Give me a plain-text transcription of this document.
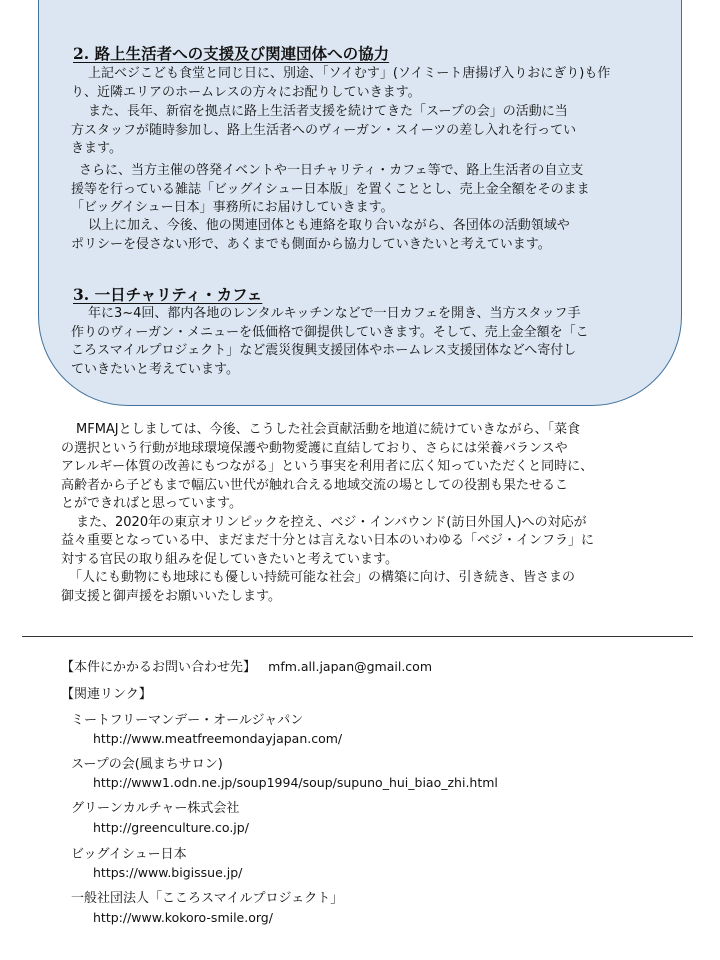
2. 路上生活者への支援及び関連団体への協力
上記ベジこども食堂と同じ日に、別途、「ソイむす」(ソイミート唐揚げ入りおにぎり)も作
り、近隣エリアのホームレスの方々にお配りしていきます。
また、長年、新宿を拠点に路上生活者支援を続けてきた「スープの会」の活動に当
方スタッフが随時参加し、路上生活者へのヴィーガン・スイーツの差し入れを行ってい
きます。
さらに、当方主催の啓発イベントや一日チャリティ・カフェ等で、路上生活者の自立支
援等を行っている雑誌「ビッグイシュー日本版」を置くこととし、売上金全額をそのまま
「ビッグイシュー日本」事務所にお届けしていきます。
以上に加え、今後、他の関連団体とも連絡を取り合いながら、各団体の活動領域や
ポリシーを侵さない形で、あくまでも側面から協力していきたいと考えています。
3. 一日チャリティ・カフェ
年に3~4回、都内各地のレンタルキッチンなどで一日カフェを開き、当方スタッフ手
作りのヴィーガン・メニューを低価格で御提供していきます。そして、売上金全額を「こ
ころスマイルプロジェクト」など震災復興支援団体やホームレス支援団体などへ寄付し
ていきたいと考えています。
MFMAJとしましては、今後、こうした社会貢献活動を地道に続けていきながら、「菜食
の選択という行動が地球環境保護や動物愛護に直結しており、さらには栄養バランスや
アレルギー体質の改善にもつながる」という事実を利用者に広く知っていただくと同時に、
高齢者から子どもまで幅広い世代が触れ合える地域交流の場としての役割も果たせるこ
とができればと思っています。
また、2020年の東京オリンピックを控え、ベジ・インバウンド(訪日外国人)への対応が
益々重要となっている中、まだまだ十分とは言えない日本のいわゆる「ベジ・インフラ」に
対する官民の取り組みを促していきたいと考えています。
「人にも動物にも地球にも優しい持続可能な社会」の構築に向け、引き続き、皆さまの
御支援と御声援をお願いいたします。
【本件にかかるお問い合わせ先】 mfm.all.japan@gmail.com
【関連リンク】
ミートフリーマンデー・オールジャパン
http://www.meatfreemondayjapan.com/
スープの会(風まちサロン)
http://www1.odn.ne.jp/soup1994/soup/supuno_hui_biao_zhi.html
グリーンカルチャー株式会社
http://greenculture.co.jp/
ビッグイシュー日本
https://www.bigissue.jp/
一般社団法人「こころスマイルプロジェクト」
http://www.kokoro-smile.org/
